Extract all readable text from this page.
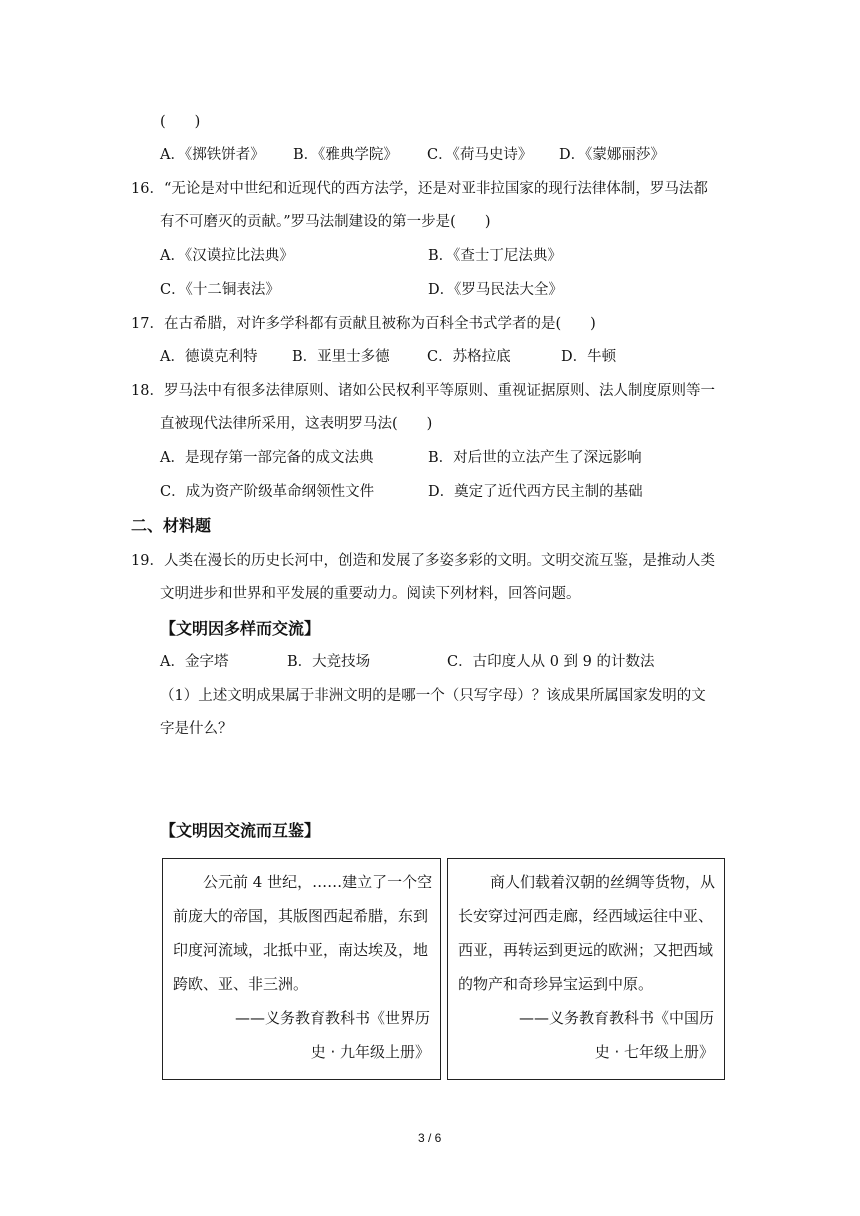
(　　)
A．《掷铁饼者》 B．《雅典学院》 C．《荷马史诗》 D．《蒙娜丽莎》
16．“无论是对中世纪和近现代的西方法学，还是对亚非拉国家的现行法律体制，罗马法都
有不可磨灭的贡献。”罗马法制建设的第一步是(　　)
A．《汉谟拉比法典》	B．《查士丁尼法典》
C．《十二铜表法》	D．《罗马民法大全》
17．在古希腊，对许多学科都有贡献且被称为百科全书式学者的是(　　)
A．德谟克利特 B．亚里士多德	C．苏格拉底	D．牛顿
18．罗马法中有很多法律原则、诸如公民权利平等原则、重视证据原则、法人制度原则等一
直被现代法律所采用，这表明罗马法(　　)
A．是现存第一部完备的成文法典	B．对后世的立法产生了深远影响
C．成为资产阶级革命纲领性文件	D．奠定了近代西方民主制的基础
二、材料题
19．人类在漫长的历史长河中，创造和发展了多姿多彩的文明。文明交流互鉴，是推动人类
文明进步和世界和平发展的重要动力。阅读下列材料，回答问题。
【文明因多样而交流】
A．金字塔	B．大竞技场	C．古印度人从 0 到 9 的计数法
（1）上述文明成果属于非洲文明的是哪一个（只写字母）？该成果所属国家发明的文
字是什么？
【文明因交流而互鉴】
公元前 4 世纪，……建立了一个空
前庞大的帝国，其版图西起希腊，东到
印度河流域，北抵中亚，南达埃及，地
跨欧、亚、非三洲。
——义务教育教科书《世界历
史 · 九年级上册》
商人们载着汉朝的丝绸等货物，从
长安穿过河西走廊，经西域运往中亚、
西亚，再转运到更远的欧洲；又把西域
的物产和奇珍异宝运到中原。
——义务教育教科书《中国历
史 · 七年级上册》
3 / 6
